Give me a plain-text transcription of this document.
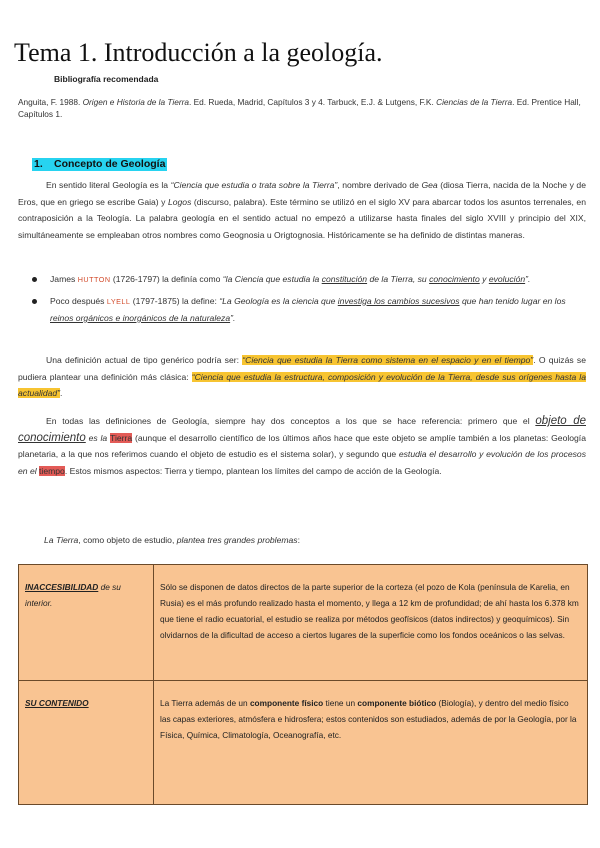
Tema 1. Introducción a la geología.
Bibliografía recomendada
Anguita, F. 1988. Origen e Historia de la Tierra. Ed. Rueda, Madrid, Capítulos 3 y 4. Tarbuck, E.J. & Lutgens, F.K. Ciencias de la Tierra. Ed. Prentice Hall, Capítulos 1.
1. Concepto de Geología
En sentido literal Geología es la “Ciencia que estudia o trata sobre la Tierra”, nombre derivado de Gea (diosa Tierra, nacida de la Noche y de Eros, que en griego se escribe Gaia) y Logos (discurso, palabra). Este término se utilizó en el siglo XV para abarcar todos los asuntos terrenales, en contraposición a la Teología. La palabra geología en el sentido actual no empezó a utilizarse hasta finales del siglo XVIII y principio del XIX, simultáneamente se empleaban otros nombres como Geognosia u Origtognosia. Históricamente se ha definido de distintas maneras.
James HUTTON (1726-1797) la definía como “la Ciencia que estudia la constitución de la Tierra, su conocimiento y evolución”.
Poco después LYELL (1797-1875) la define: “La Geología es la ciencia que investiga los cambios sucesivos que han tenido lugar en los reinos orgánicos e inorgánicos de la naturaleza”.
Una definición actual de tipo genérico podría ser: “Ciencia que estudia la Tierra como sistema en el espacio y en el tiempo”. O quizás se pudiera plantear una definición más clásica: “Ciencia que estudia la estructura, composición y evolución de la Tierra, desde sus orígenes hasta la actualidad”.
En todas las definiciones de Geología, siempre hay dos conceptos a los que se hace referencia: primero que el objeto de conocimiento es la Tierra (aunque el desarrollo científico de los últimos años hace que este objeto se amplíe también a los planetas: Geología planetaria, a la que nos referimos cuando el objeto de estudio es el sistema solar), y segundo que estudia el desarrollo y evolución de los procesos en el tiempo. Estos mismos aspectos: Tierra y tiempo, plantean los límites del campo de acción de la Geología.
La Tierra, como objeto de estudio, plantea tres grandes problemas:
INACCESIBILIDAD de su interior.	Sólo se disponen de datos directos de la parte superior de la corteza (el pozo de Kola (península de Karelia, en Rusia) es el más profundo realizado hasta el momento, y llega a 12 km de profundidad; de ahí hasta los 6.378 km que tiene el radio ecuatorial, el estudio se realiza por métodos geofísicos (datos indirectos) y geoquímicos). Sin olvidarnos de la dificultad de acceso a ciertos lugares de la superficie como los fondos oceánicos o las selvas.
SU CONTENIDO	La Tierra además de un componente físico tiene un componente biótico (Biología), y dentro del medio físico las capas exteriores, atmósfera e hidrosfera; estos contenidos son estudiados, además de por la Geología, por la Física, Química, Climatología, Oceanografía, etc.
